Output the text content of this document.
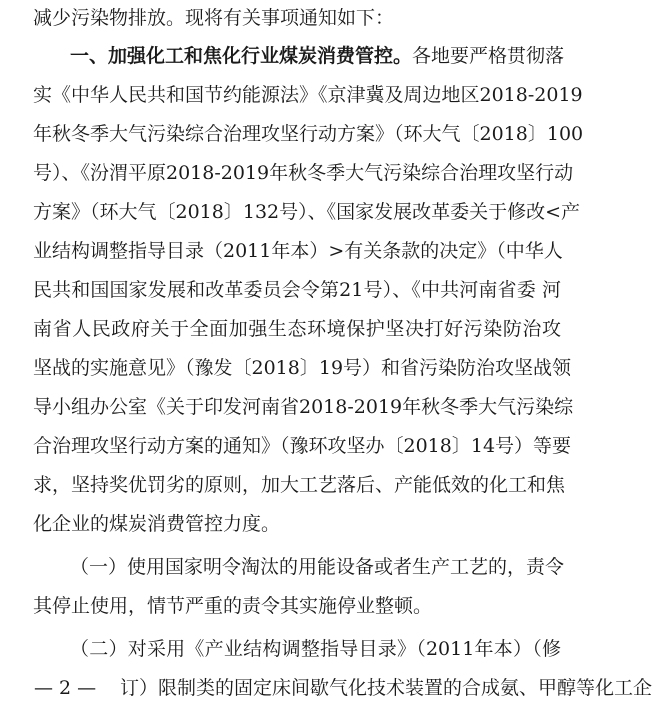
减少污染物排放。现将有关事项通知如下：
一、加强化工和焦化行业煤炭消费管控。各地要严格贯彻落
实《中华人民共和国节约能源法》《京津冀及周边地区2018-2019
年秋冬季大气污染综合治理攻坚行动方案》（环大气〔2018〕100
号）、《汾渭平原2018-2019年秋冬季大气污染综合治理攻坚行动
方案》（环大气〔2018〕132号）、《国家发展改革委关于修改<产
业结构调整指导目录（2011年本）>有关条款的决定》（中华人
民共和国国家发展和改革委员会令第21号）、《中共河南省委 河
南省人民政府关于全面加强生态环境保护坚决打好污染防治攻
坚战的实施意见》（豫发〔2018〕19号）和省污染防治攻坚战领
导小组办公室《关于印发河南省2018-2019年秋冬季大气污染综
合治理攻坚行动方案的通知》（豫环攻坚办〔2018〕14号）等要
求，坚持奖优罚劣的原则，加大工艺落后、产能低效的化工和焦
化企业的煤炭消费管控力度。
（一）使用国家明令淘汰的用能设备或者生产工艺的，责令
其停止使用，情节严重的责令其实施停业整顿。
（二）对采用《产业结构调整指导目录》（2011年本）（修
订）限制类的固定床间歇气化技术装置的合成氨、甲醇等化工企
— 2 —
